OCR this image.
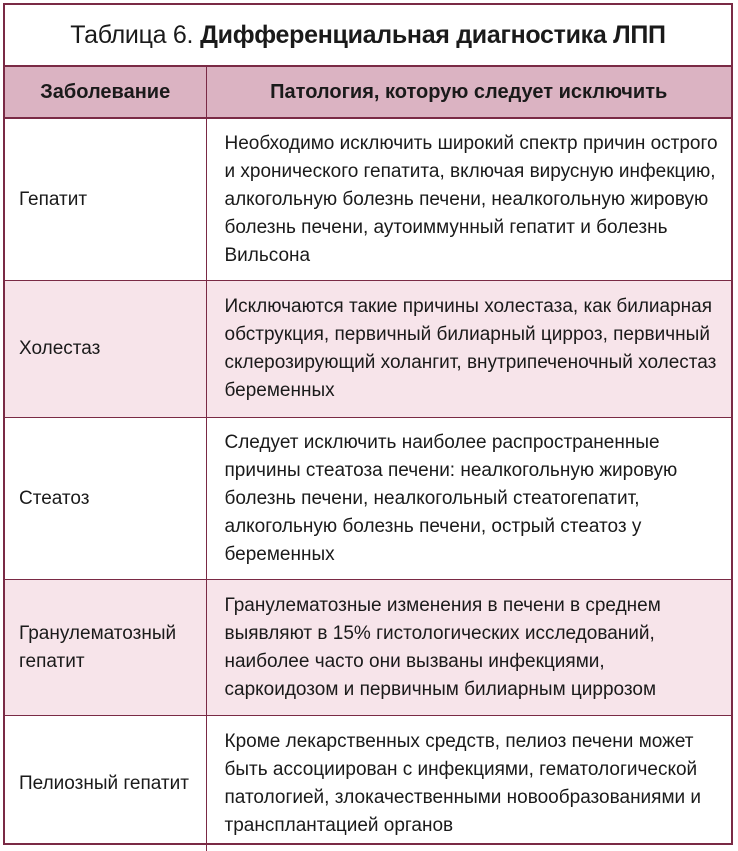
Таблица 6. Дифференциальная диагностика ЛПП
Заболевание	Патология, которую следует исключить
Гепатит	Необходимо исключить широкий спектр причин острого и хронического гепатита, включая вирусную инфекцию, алкогольную болезнь печени, неалкогольную жировую болезнь печени, аутоиммунный гепатит и болезнь Вильсона
Холестаз	Исключаются такие причины холестаза, как билиарная обструкция, первичный билиарный цирроз, первичный склерозирующий холангит, внутрипеченочный холестаз беременных
Стеатоз	Следует исключить наиболее распространенные причины стеатоза печени: неалкогольную жировую болезнь печени, неалкогольный стеатогепатит, алкогольную болезнь печени, острый стеатоз у беременных
Гранулематозный гепатит	Гранулематозные изменения в печени в среднем выявляют в 15% гистологических исследований, наиболее часто они вызваны инфекциями, саркоидозом и первичным билиарным циррозом
Пелиозный гепатит	Кроме лекарственных средств, пелиоз печени может быть ассоциирован с инфекциями, гематологической патологией, злокачественными новообразованиями и трансплантацией органов
